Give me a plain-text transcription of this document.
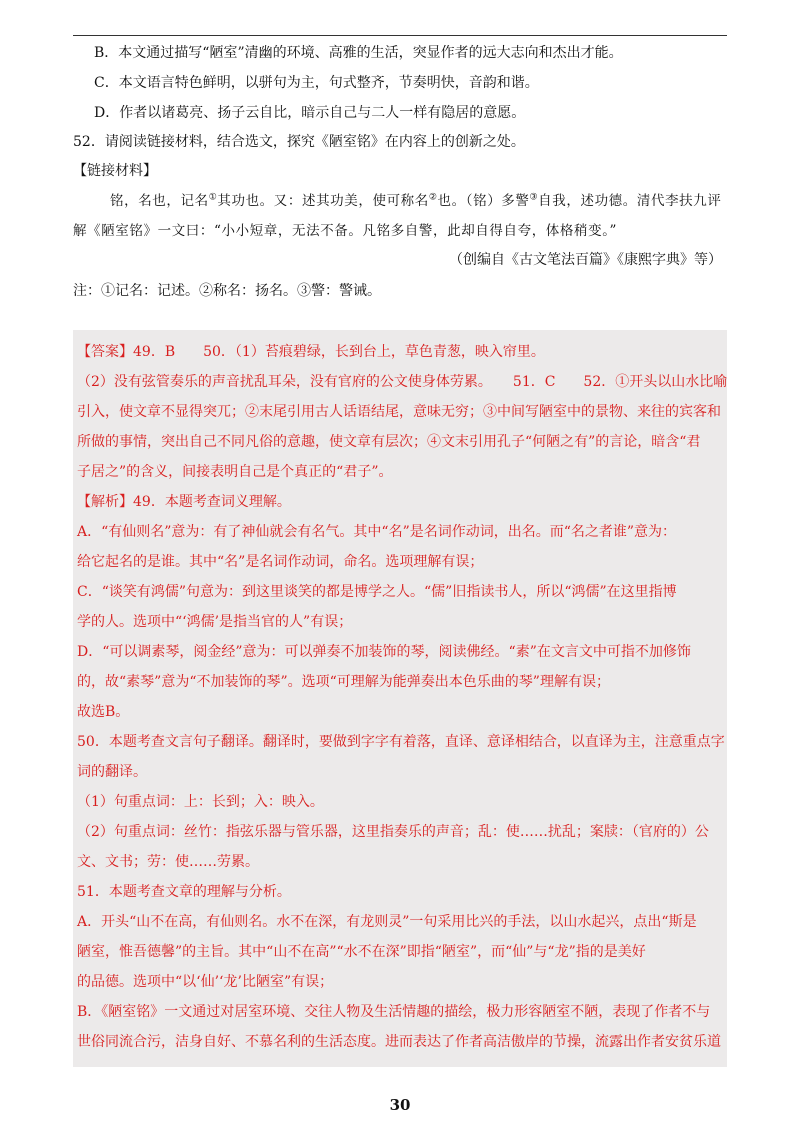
B．本文通过描写“陋室”清幽的环境、高雅的生活，突显作者的远大志向和杰出才能。
C．本文语言特色鲜明，以骈句为主，句式整齐，节奏明快，音韵和谐。
D．作者以诸葛亮、扬子云自比，暗示自己与二人一样有隐居的意愿。
52．请阅读链接材料，结合选文，探究《陋室铭》在内容上的创新之处。
【链接材料】
铭，名也，记名①其功也。又：述其功美，使可称名②也。（铭）多警③自我，述功德。清代李扶九评
解《陋室铭》一文曰：“小小短章，无法不备。凡铭多自警，此却自得自夸，体格稍变。”
（创编自《古文笔法百篇》《康熙字典》等）
注：①记名：记述。②称名：扬名。③警：警诫。
【答案】49．B　　50．（1）苔痕碧绿，长到台上，草色青葱，映入帘里。
（2）没有弦管奏乐的声音扰乱耳朵，没有官府的公文使身体劳累。　　51．C　　52．①开头以山水比喻
引入，使文章不显得突兀；②末尾引用古人话语结尾，意味无穷；③中间写陋室中的景物、来往的宾客和
所做的事情，突出自己不同凡俗的意趣，使文章有层次；④文末引用孔子“何陋之有”的言论，暗含“君
子居之”的含义，间接表明自己是个真正的“君子”。
【解析】49．本题考查词义理解。
A．“有仙则名”意为：有了神仙就会有名气。其中“名”是名词作动词，出名。而“名之者谁”意为：
给它起名的是谁。其中“名”是名词作动词，命名。选项理解有误；
C．“谈笑有鸿儒”句意为：到这里谈笑的都是博学之人。“儒”旧指读书人，所以“鸿儒”在这里指博
学的人。选项中“‘鸿儒’是指当官的人”有误；
D．“可以调素琴，阅金经”意为：可以弹奏不加装饰的琴，阅读佛经。“素”在文言文中可指不加修饰
的，故“素琴”意为“不加装饰的琴”。选项“可理解为能弹奏出本色乐曲的琴”理解有误；
故选B。
50．本题考查文言句子翻译。翻译时，要做到字字有着落，直译、意译相结合，以直译为主，注意重点字
词的翻译。
（1）句重点词：上：长到；入：映入。
（2）句重点词：丝竹：指弦乐器与管乐器，这里指奏乐的声音；乱：使……扰乱；案牍：（官府的）公
文、文书；劳：使……劳累。
51．本题考查文章的理解与分析。
A．开头“山不在高，有仙则名。水不在深，有龙则灵”一句采用比兴的手法，以山水起兴，点出“斯是
陋室，惟吾德馨”的主旨。其中“山不在高”“水不在深”即指“陋室”，而“仙”与“龙”指的是美好
的品德。选项中“以‘仙’‘龙’比陋室”有误；
B．《陋室铭》一文通过对居室环境、交往人物及生活情趣的描绘，极力形容陋室不陋，表现了作者不与
世俗同流合污，洁身自好、不慕名利的生活态度。进而表达了作者高洁傲岸的节操，流露出作者安贫乐道
30
